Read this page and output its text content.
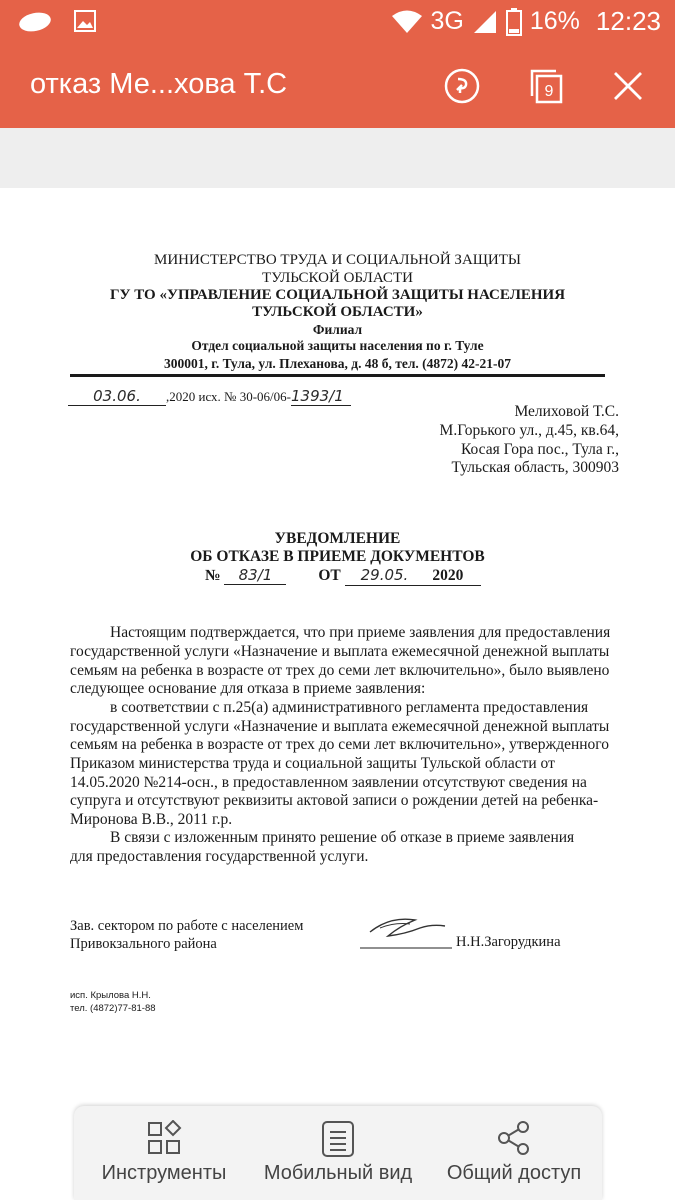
3G	16% 12:23
отказ Ме...хова Т.С	9
МИНИСТЕРСТВО ТРУДА И СОЦИАЛЬНОЙ ЗАЩИТЫ
ТУЛЬСКОЙ ОБЛАСТИ
ГУ ТО «УПРАВЛЕНИЕ СОЦИАЛЬНОЙ ЗАЩИТЫ НАСЕЛЕНИЯ
ТУЛЬСКОЙ ОБЛАСТИ»
Филиал
Отдел социальной защиты населения по г. Туле
300001, г. Тула, ул. Плеханова, д. 48 б, тел. (4872) 42-21-07
03.06. ,2020 исх. № 30-06/06-1393/1
Мелиховой Т.С.
М.Горького ул., д.45, кв.64,
Косая Гора пос., Тула г.,
Тульская область, 300903
УВЕДОМЛЕНИЕ
ОБ ОТКАЗЕ В ПРИЕМЕ ДОКУМЕНТОВ
№ 83/1	ОТ 29.05. 2020
Настоящим подтверждается, что при приеме заявления для предоставления
государственной услуги «Назначение и выплата ежемесячной денежной выплаты
семьям на ребенка в возрасте от трех до семи лет включительно», было выявлено
следующее основание для отказа в приеме заявления:
в соответствии с п.25(а) административного регламента предоставления
государственной услуги «Назначение и выплата ежемесячной денежной выплаты
семьям на ребенка в возрасте от трех до семи лет включительно», утвержденного
Приказом министерства труда и социальной защиты Тульской области от
14.05.2020 №214-осн., в предоставленном заявлении отсутствуют сведения на
супруга и отсутствуют реквизиты актовой записи о рождении детей на ребенка-
Миронова В.В., 2011 г.р.
В связи с изложенным принято решение об отказе в приеме заявления
для предоставления государственной услуги.
Зав. сектором по работе с населением
Привокзального района	Н.Н.Загорудкина
исп. Крылова Н.Н.
тел. (4872)77-81-88
Инструменты	Мобильный вид	Общий доступ
